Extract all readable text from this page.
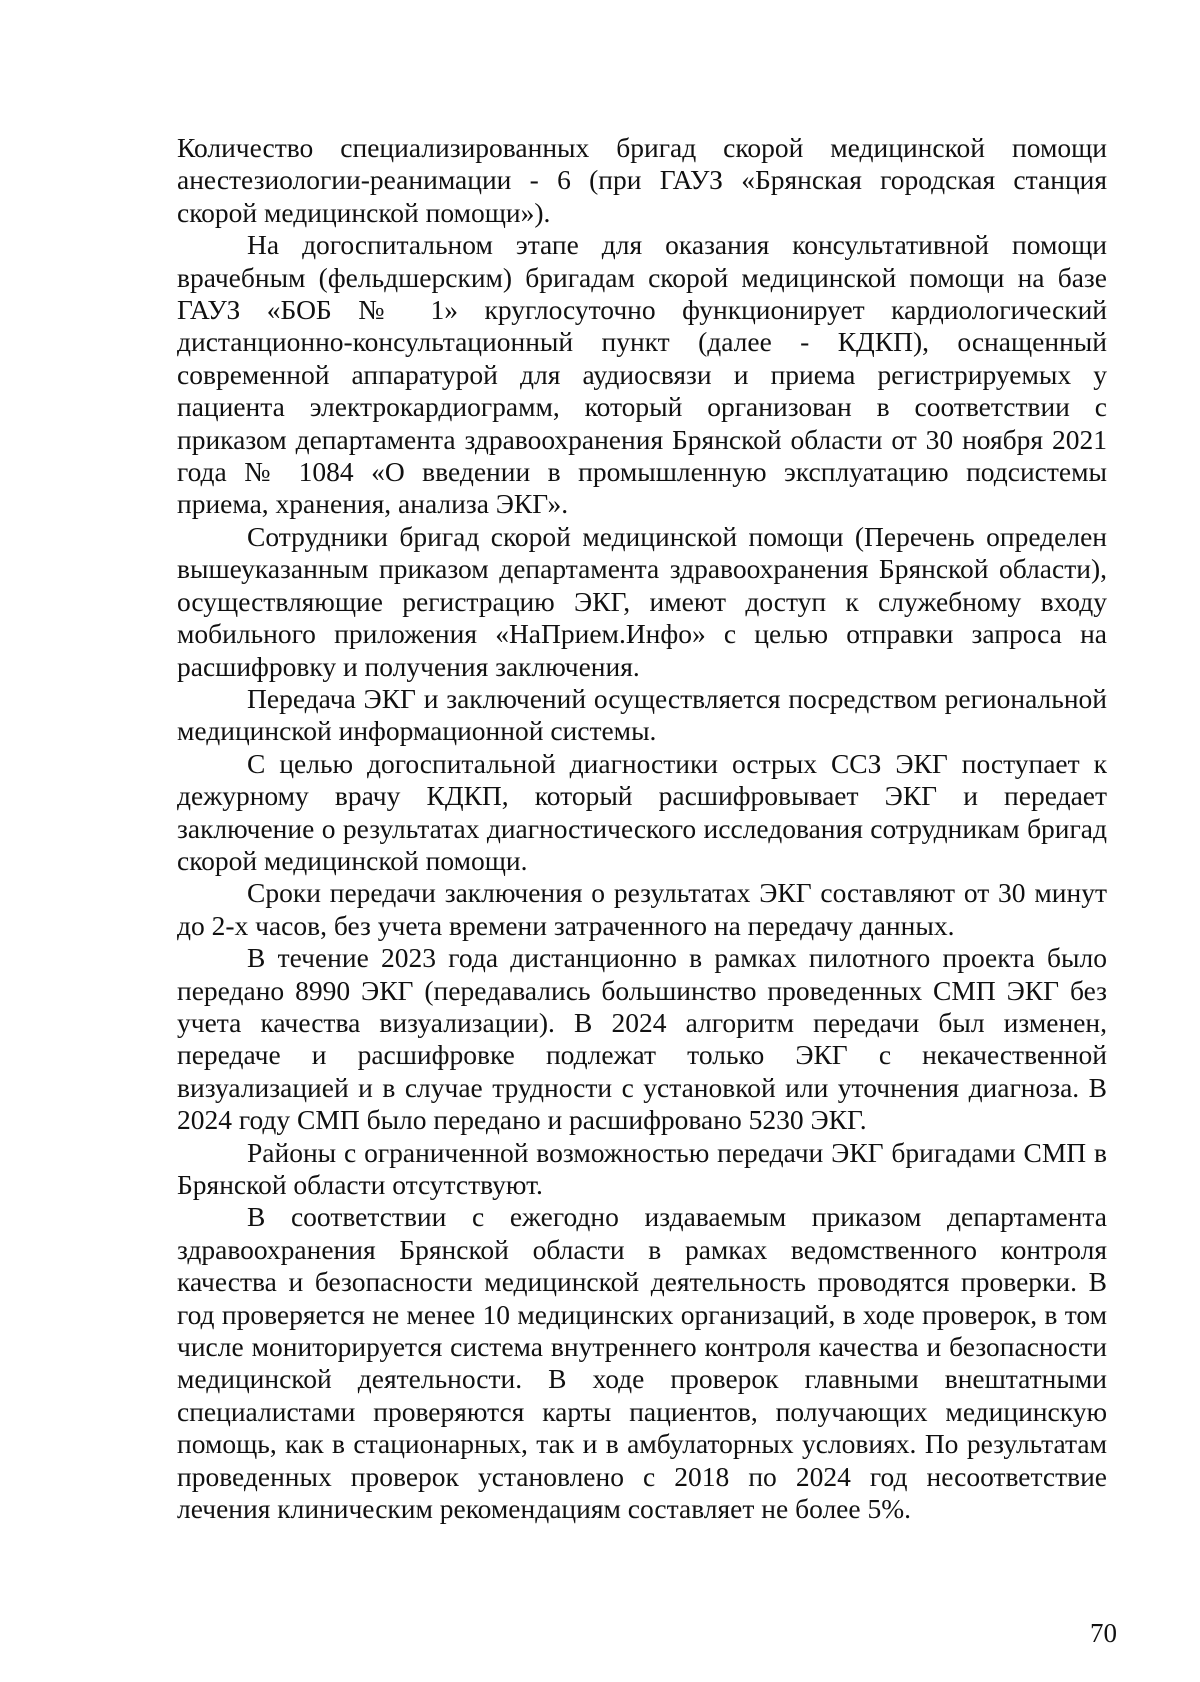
Количество специализированных бригад скорой медицинской помощи анестезиологии-реанимации - 6 (при ГАУЗ «Брянская городская станция скорой медицинской помощи»).

На догоспитальном этапе для оказания консультативной помощи врачебным (фельдшерским) бригадам скорой медицинской помощи на базе ГАУЗ «БОБ № 1» круглосуточно функционирует кардиологический дистанционно-консультационный пункт (далее - КДКП), оснащенный современной аппаратурой для аудиосвязи и приема регистрируемых у пациента электрокардиограмм, который организован в соответствии с приказом департамента здравоохранения Брянской области от 30 ноября 2021 года № 1084 «О введении в промышленную эксплуатацию подсистемы приема, хранения, анализа ЭКГ».

Сотрудники бригад скорой медицинской помощи (Перечень определен вышеуказанным приказом департамента здравоохранения Брянской области), осуществляющие регистрацию ЭКГ, имеют доступ к служебному входу мобильного приложения «НаПрием.Инфо» с целью отправки запроса на расшифровку и получения заключения.

Передача ЭКГ и заключений осуществляется посредством региональной медицинской информационной системы.

С целью догоспитальной диагностики острых ССЗ ЭКГ поступает к дежурному врачу КДКП, который расшифровывает ЭКГ и передает заключение о результатах диагностического исследования сотрудникам бригад скорой медицинской помощи.

Сроки передачи заключения о результатах ЭКГ составляют от 30 минут до 2-х часов, без учета времени затраченного на передачу данных.

В течение 2023 года дистанционно в рамках пилотного проекта было передано 8990 ЭКГ (передавались большинство проведенных СМП ЭКГ без учета качества визуализации). В 2024 алгоритм передачи был изменен, передаче и расшифровке подлежат только ЭКГ с некачественной визуализацией и в случае трудности с установкой или уточнения диагноза. В 2024 году СМП было передано и расшифровано 5230 ЭКГ.

Районы с ограниченной возможностью передачи ЭКГ бригадами СМП в Брянской области отсутствуют.

В соответствии с ежегодно издаваемым приказом департамента здравоохранения Брянской области в рамках ведомственного контроля качества и безопасности медицинской деятельность проводятся проверки. В год проверяется не менее 10 медицинских организаций, в ходе проверок, в том числе мониторируется система внутреннего контроля качества и безопасности медицинской деятельности. В ходе проверок главными внештатными специалистами проверяются карты пациентов, получающих медицинскую помощь, как в стационарных, так и в амбулаторных условиях. По результатам проведенных проверок установлено с 2018 по 2024 год несоответствие лечения клиническим рекомендациям составляет не более 5%.

70
